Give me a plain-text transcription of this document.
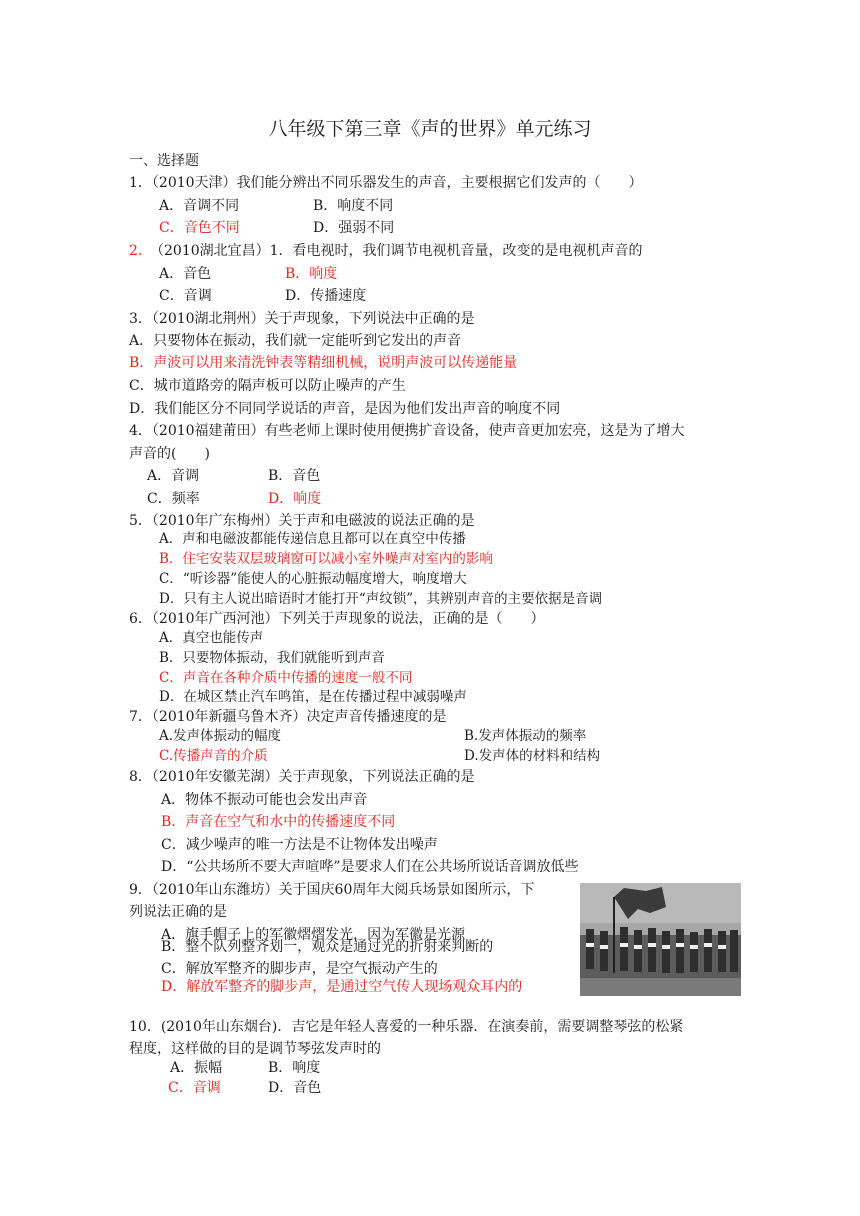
八年级下第三章《声的世界》单元练习
一、选择题
1．（2010天津）我们能分辨出不同乐器发生的声音，主要根据它们发声的（　　）
A．音调不同	B．响度不同
C．音色不同	D．强弱不同
2．
（2010湖北宜昌）1．看电视时，我们调节电视机音量，改变的是电视机声音的
A．音色	B．响度
C．音调	D．传播速度
3．（2010湖北荆州）关于声现象，下列说法中正确的是
A．只要物体在振动，我们就一定能听到它发出的声音
B．声波可以用来清洗钟表等精细机械，说明声波可以传递能量
C．城市道路旁的隔声板可以防止噪声的产生
D．我们能区分不同同学说话的声音，是因为他们发出声音的响度不同
4．（2010福建莆田）有些老师上课时使用便携扩音设备，使声音更加宏亮，这是为了增大
声音的(　　)
A．音调	B．音色
C．频率	D．响度
5．（2010年广东梅州）关于声和电磁波的说法正确的是
A．声和电磁波都能传递信息且都可以在真空中传播
B．住宅安装双层玻璃窗可以减小室外噪声对室内的影响
C．“听诊器”能使人的心脏振动幅度增大，响度增大
D．只有主人说出暗语时才能打开“声纹锁”，其辨别声音的主要依据是音调
6．（2010年广西河池）下列关于声现象的说法，正确的是（　　）
A．真空也能传声
B．只要物体振动，我们就能听到声音
C．声音在各种介质中传播的速度一般不同
D．在城区禁止汽车鸣笛，是在传播过程中减弱噪声
7．（2010年新疆乌鲁木齐）决定声音传播速度的是
A.发声体振动的幅度	B.发声体振动的频率
C.传播声音的介质	D.发声体的材料和结构
8．（2010年安徽芜湖）关于声现象，下列说法正确的是
A．物体不振动可能也会发出声音
B．声音在空气和水中的传播速度不同
C．减少噪声的唯一方法是不让物体发出噪声
D．“公共场所不要大声喧哗”是要求人们在公共场所说话音调放低些
9．（2010年山东潍坊）关于国庆60周年大阅兵场景如图所示，下
列说法正确的是
A．旗手帽子上的军徽熠熠发光，因为军徽是光源
B．整个队列整齐划一，观众是通过光的折射来判断的
C．解放军整齐的脚步声，是空气振动产生的
D．解放军整齐的脚步声，是通过空气传人现场观众耳内的
10．(2010年山东烟台)．吉它是年轻人喜爱的一种乐器．在演奏前，需要调整琴弦的松紧
程度，这样做的目的是调节琴弦发声时的
A．振幅	B．响度
C．音调	D．音色
